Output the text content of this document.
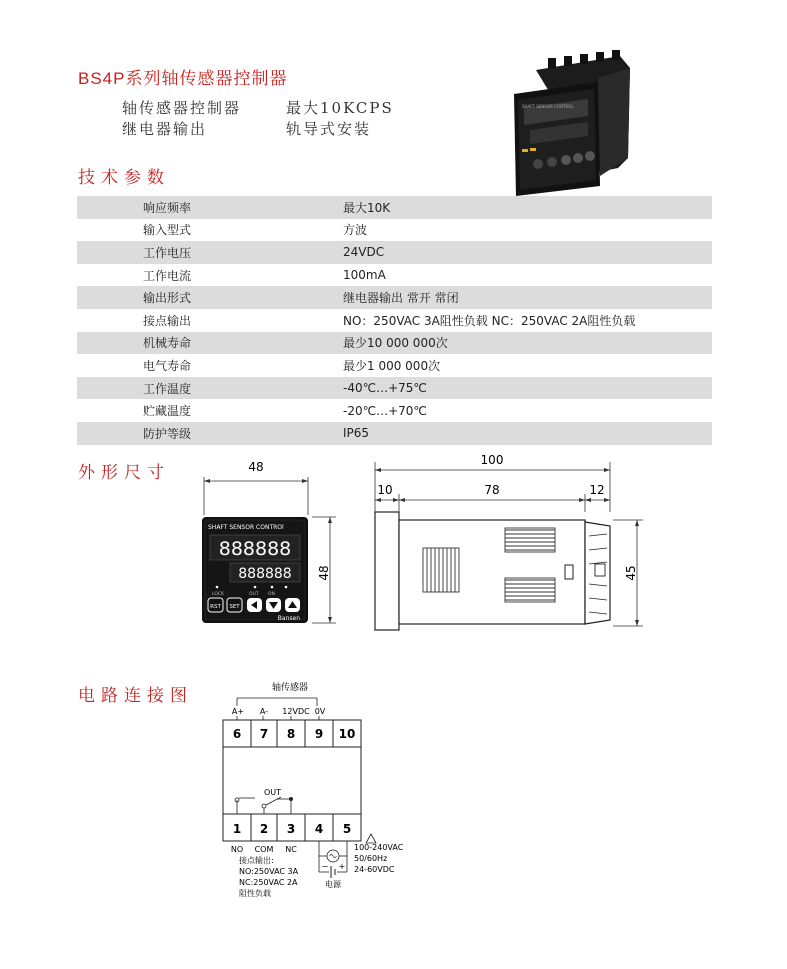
BS4P系列轴传感器控制器
轴传感器控制器	最大10KCPS
继电器输出	轨导式安装
SHAFT SENSOR CONTROL
技术参数
响应频率	最大10K
输入型式	方波
工作电压	24VDC
工作电流	100mA
输出形式	继电器输出 常开 常闭
接点输出	NO：250VAC 3A阻性负载 NC：250VAC 2A阻性负载
机械寿命	最少10 000 000次
电气寿命	最少1 000 000次
工作温度	-40℃…+75℃
贮藏温度	-20℃…+70℃
防护等级	IP65
外形尺寸	48
48
SHAFT SENSOR CONTROl
888888
888888
LOCK	OUT ON
RST SET
Bansen
100
10	78	12
45
电路连接图	轴传感器
A+ A- 12VDC 0V
6 7 8 9 10
OUT
1 2 3 4 5
NO COM NC
接点输出:
NO:250VAC 3A
NC:250VAC 2A
阻性负载
− +
电源
100-240VAC
50/60Hz
24-60VDC
